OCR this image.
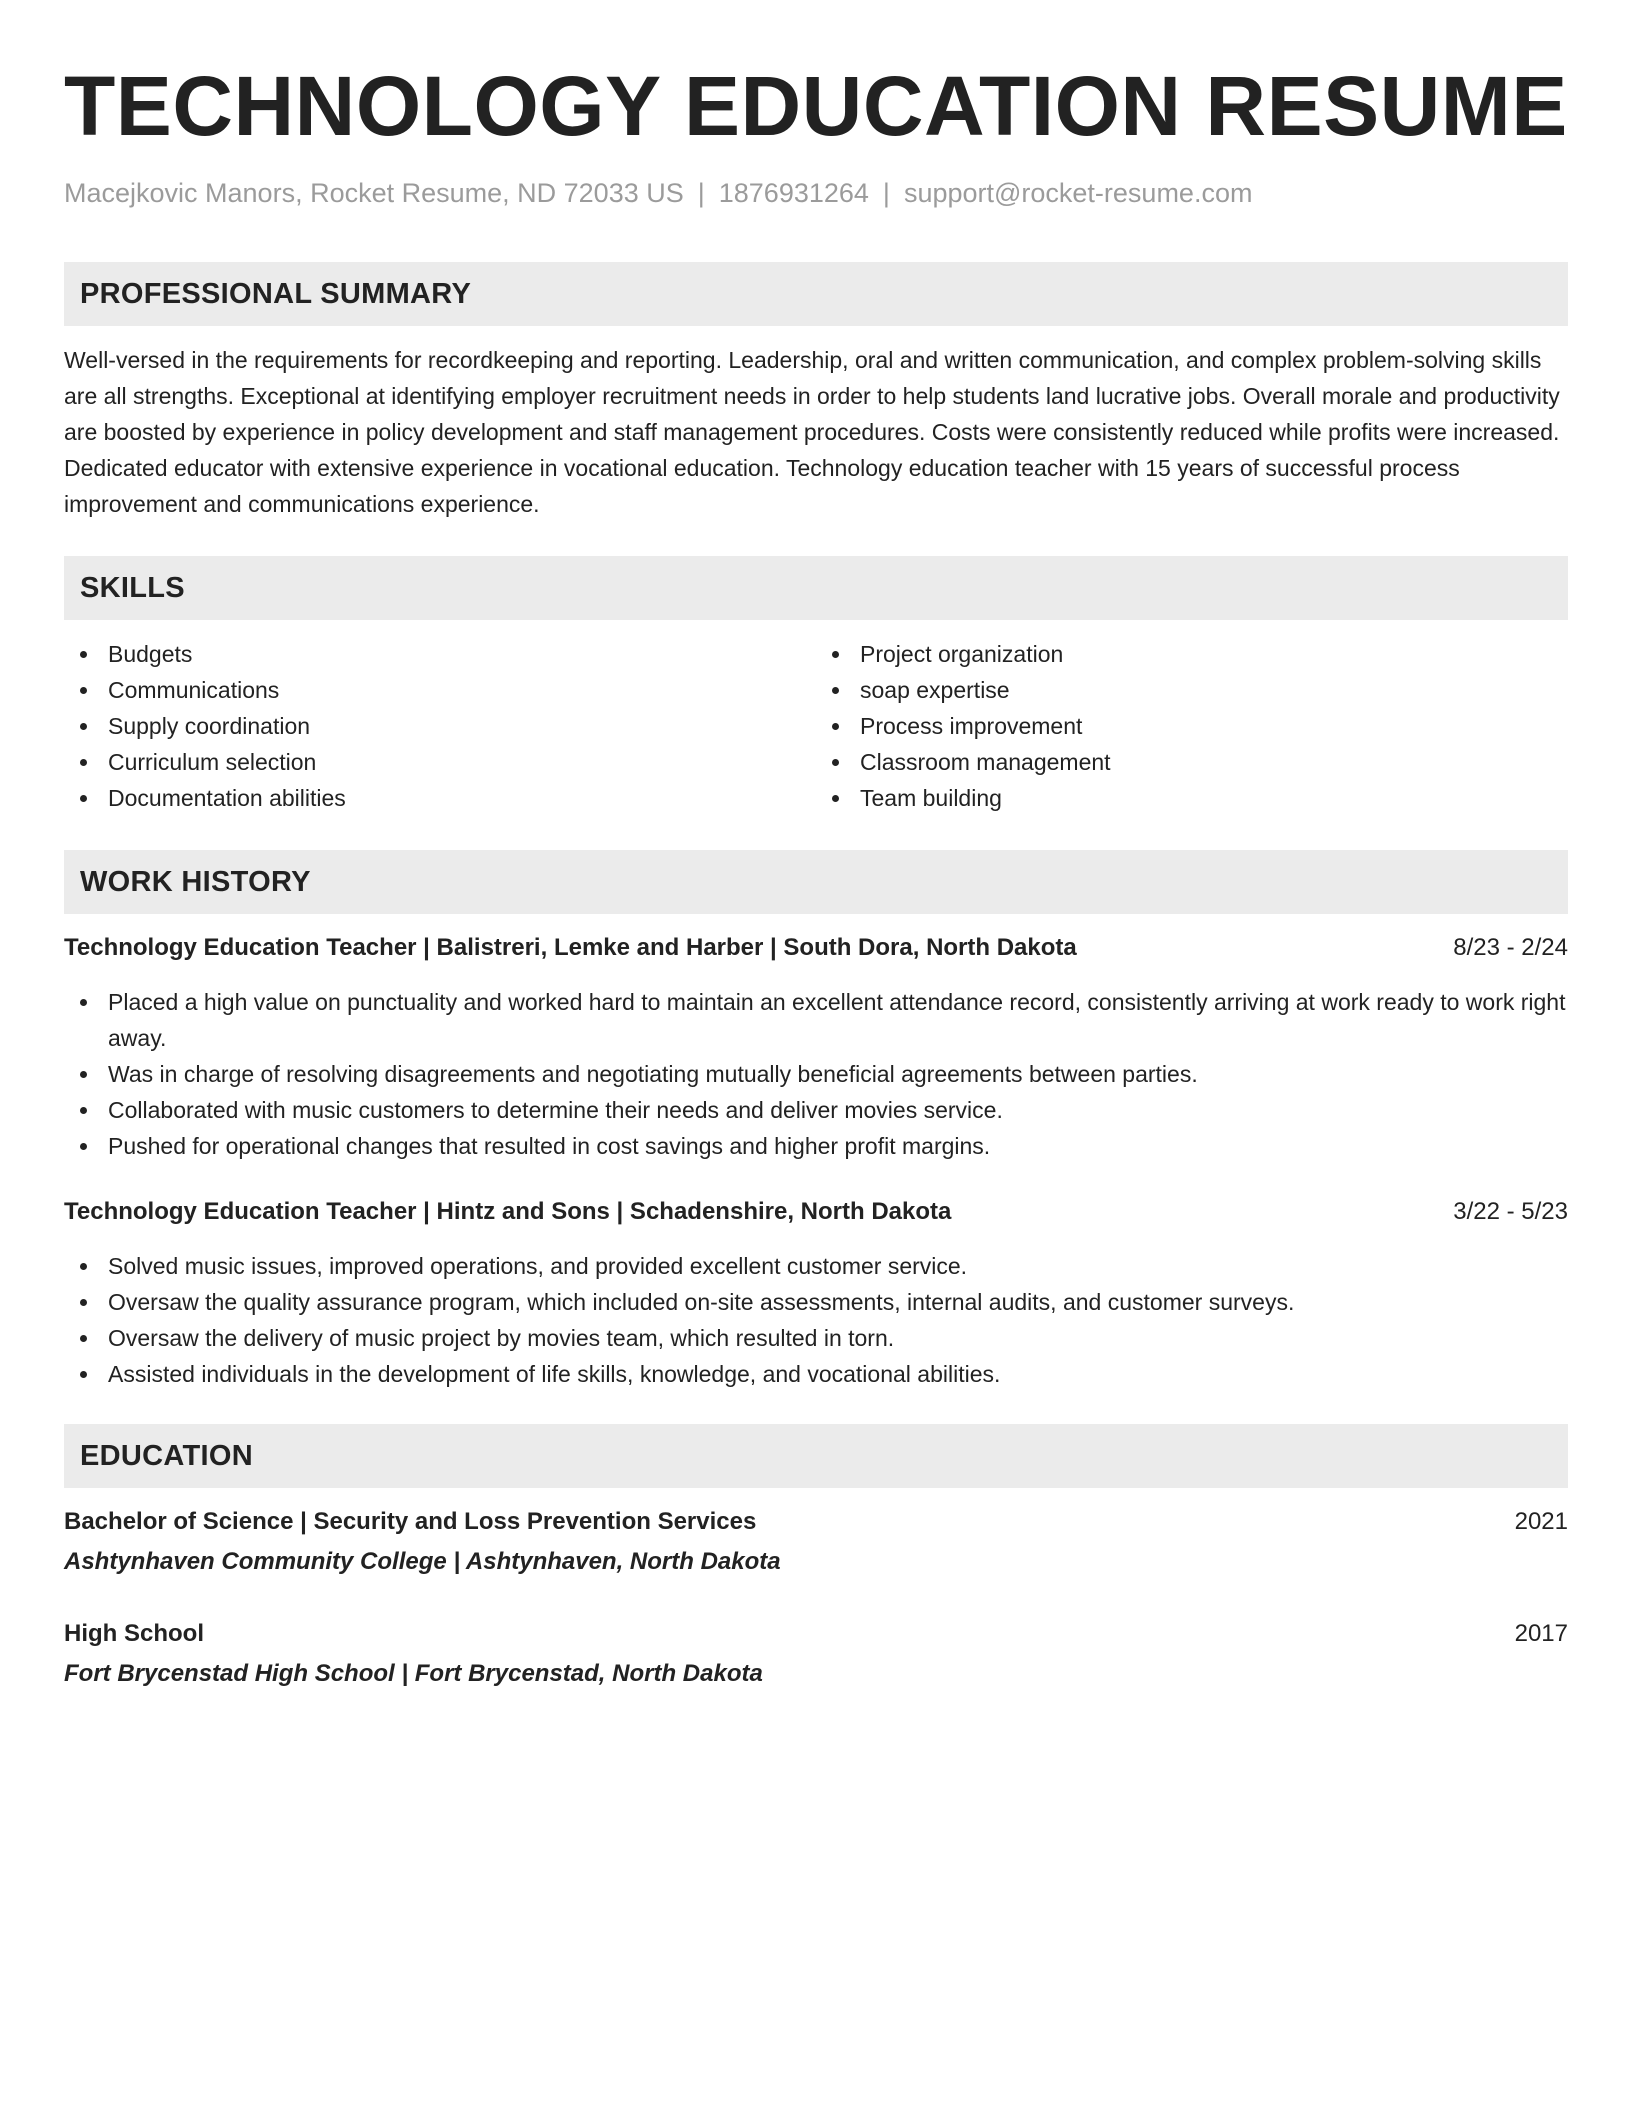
TECHNOLOGY EDUCATION RESUME
Macejkovic Manors, Rocket Resume, ND 72033 US | 1876931264 | support@rocket-resume.com
PROFESSIONAL SUMMARY

Well-versed in the requirements for recordkeeping and reporting. Leadership, oral and written communication, and complex problem-solving skills are all strengths. Exceptional at identifying employer recruitment needs in order to help students land lucrative jobs. Overall morale and productivity are boosted by experience in policy development and staff management procedures. Costs were consistently reduced while profits were increased. Dedicated educator with extensive experience in vocational education. Technology education teacher with 15 years of successful process improvement and communications experience.

SKILLS
Budgets
Communications
Supply coordination
Curriculum selection
Documentation abilities
Project organization
soap expertise
Process improvement
Classroom management
Team building
WORK HISTORY
Technology Education Teacher | Balistreri, Lemke and Harber | South Dora, North Dakota	8/23 - 2/24
Placed a high value on punctuality and worked hard to maintain an excellent attendance record, consistently arriving at work ready to work right away.
Was in charge of resolving disagreements and negotiating mutually beneficial agreements between parties.
Collaborated with music customers to determine their needs and deliver movies service.
Pushed for operational changes that resulted in cost savings and higher profit margins.
Technology Education Teacher | Hintz and Sons | Schadenshire, North Dakota	3/22 - 5/23
Solved music issues, improved operations, and provided excellent customer service.
Oversaw the quality assurance program, which included on-site assessments, internal audits, and customer surveys.
Oversaw the delivery of music project by movies team, which resulted in torn.
Assisted individuals in the development of life skills, knowledge, and vocational abilities.
EDUCATION
Bachelor of Science | Security and Loss Prevention Services	2021
Ashtynhaven Community College | Ashtynhaven, North Dakota
High School	2017
Fort Brycenstad High School | Fort Brycenstad, North Dakota
